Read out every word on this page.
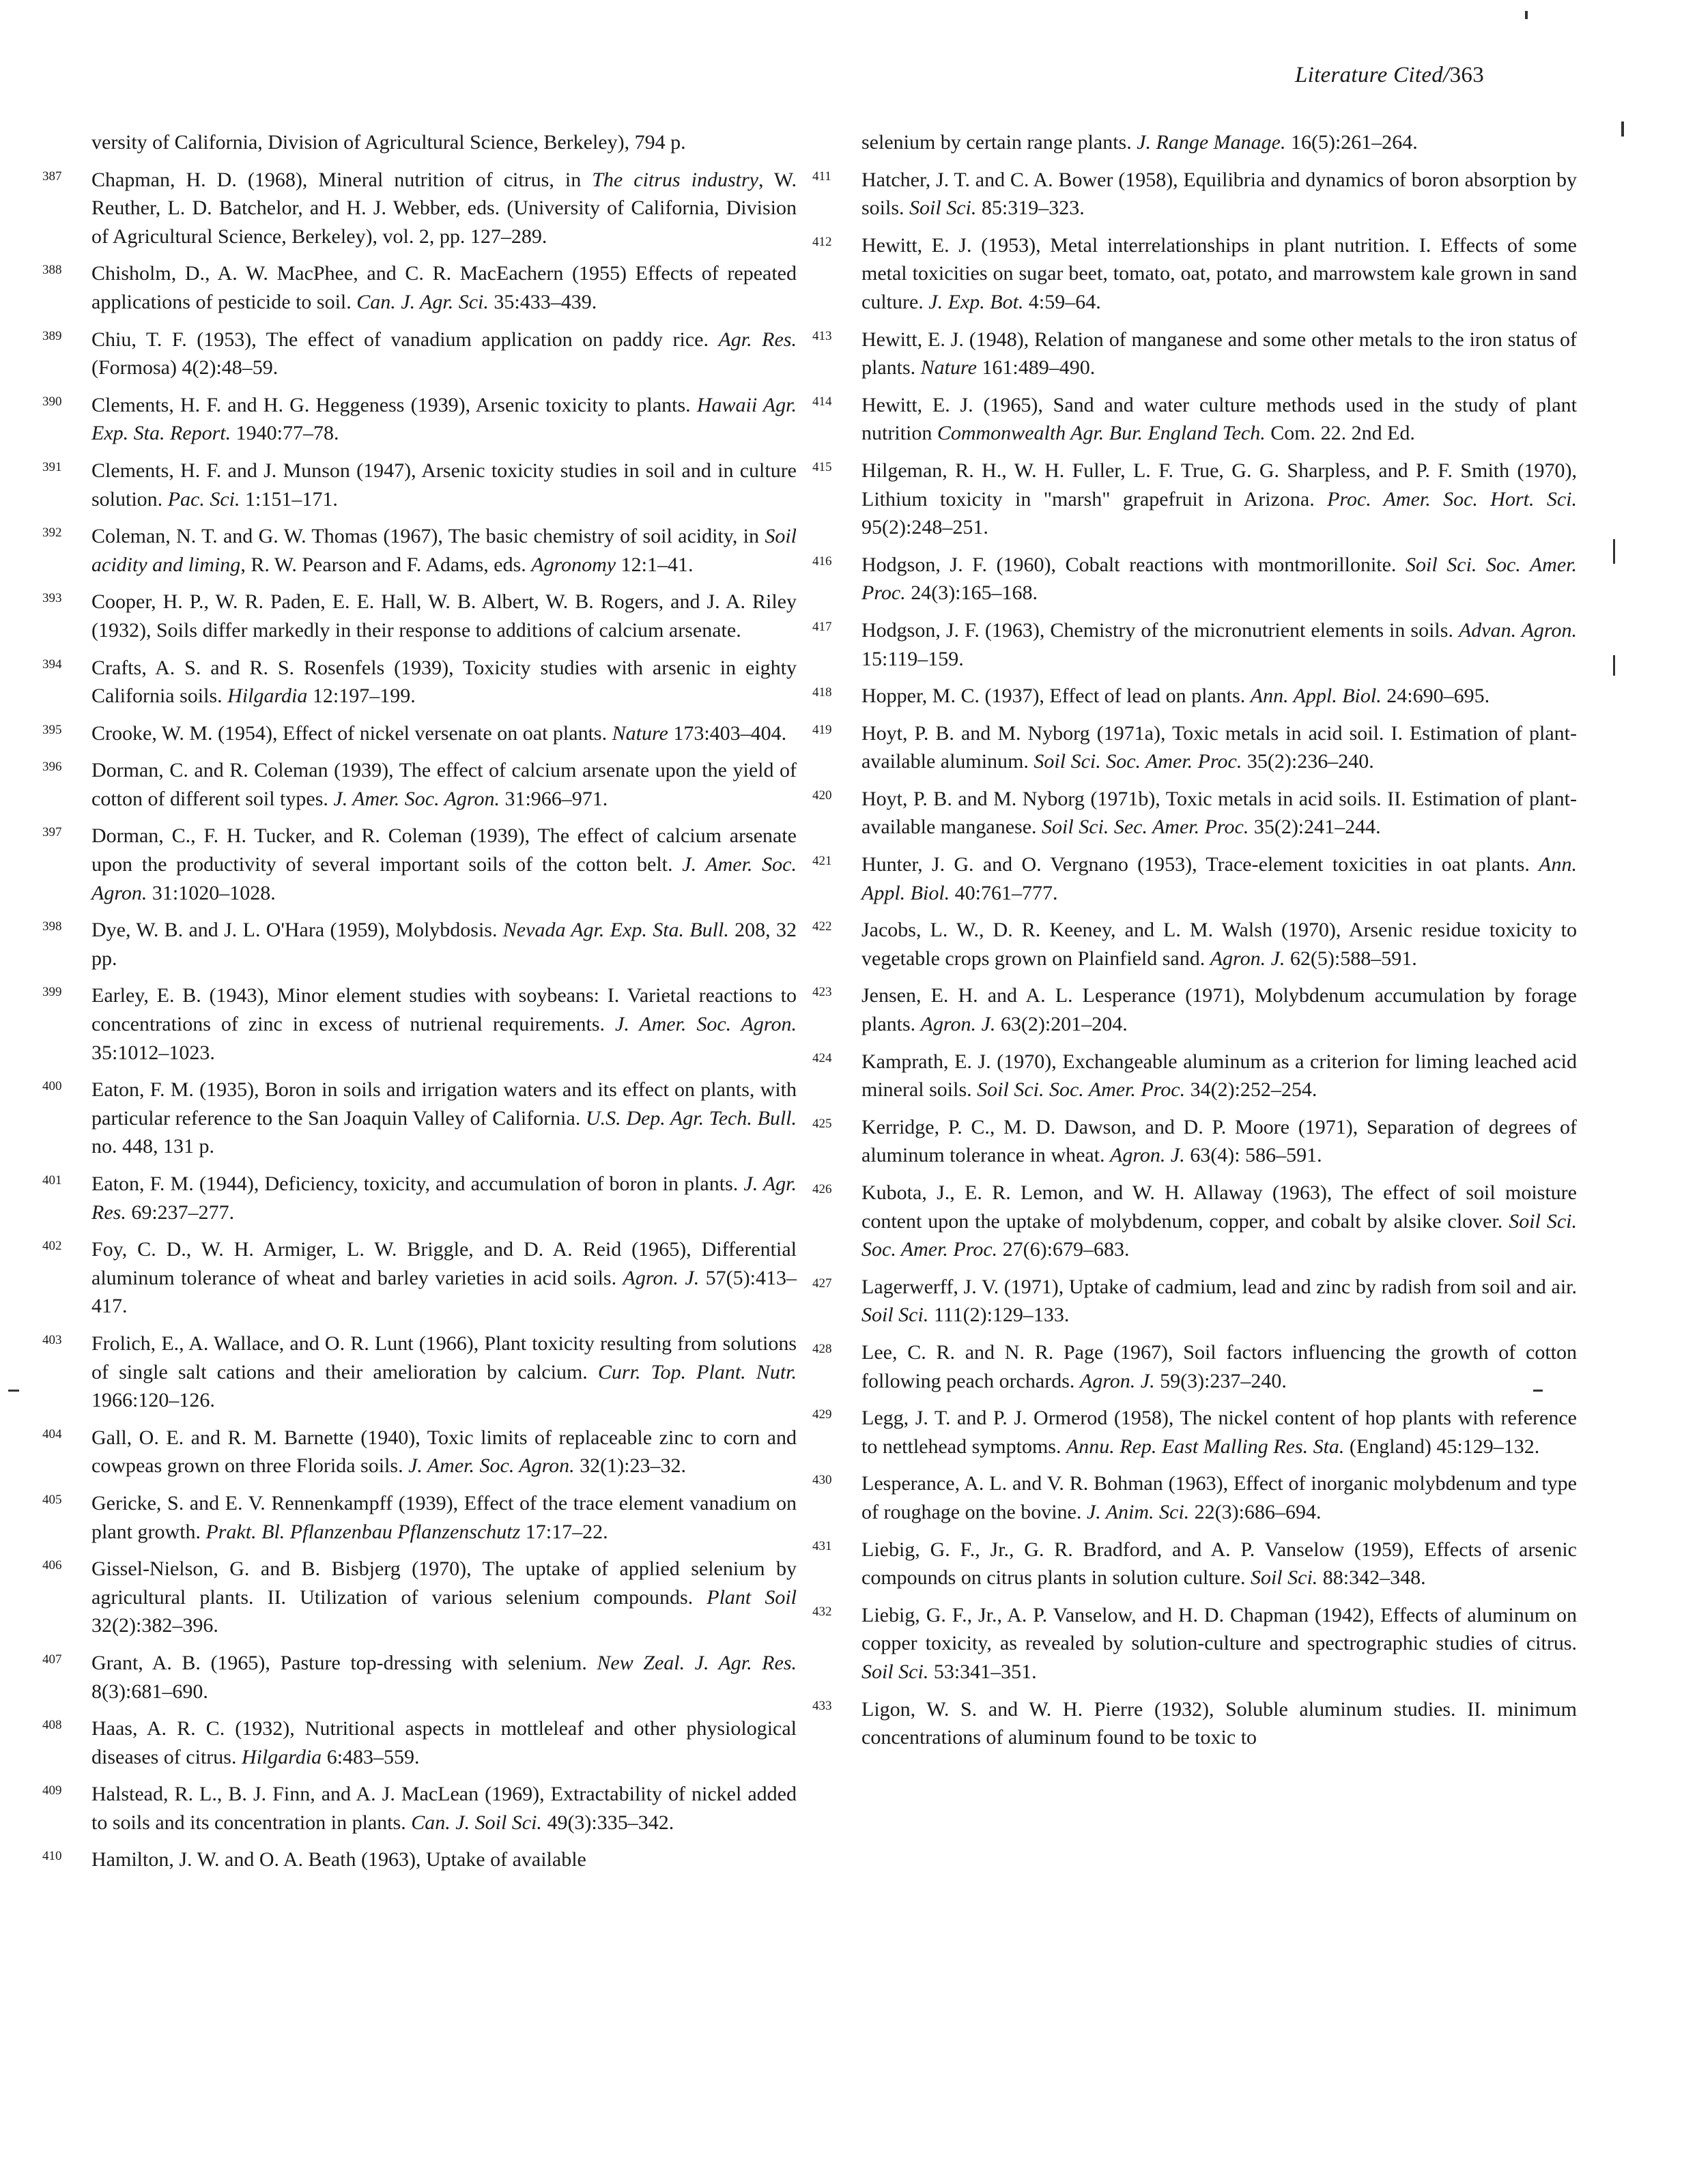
Literature Cited/363

versity of California, Division of Agricultural Science, Berkeley), 794 p.

387 Chapman, H. D. (1968), Mineral nutrition of citrus, in The citrus industry, W. Reuther, L. D. Batchelor, and H. J. Webber, eds. (University of California, Division of Agricultural Science, Berkeley), vol. 2, pp. 127–289.

388 Chisholm, D., A. W. MacPhee, and C. R. MacEachern (1955) Effects of repeated applications of pesticide to soil. Can. J. Agr. Sci. 35:433–439.

389 Chiu, T. F. (1953), The effect of vanadium application on paddy rice. Agr. Res. (Formosa) 4(2):48–59.

390 Clements, H. F. and H. G. Heggeness (1939), Arsenic toxicity to plants. Hawaii Agr. Exp. Sta. Report. 1940:77–78.

391 Clements, H. F. and J. Munson (1947), Arsenic toxicity studies in soil and in culture solution. Pac. Sci. 1:151–171.

392 Coleman, N. T. and G. W. Thomas (1967), The basic chemistry of soil acidity, in Soil acidity and liming, R. W. Pearson and F. Adams, eds. Agronomy 12:1–41.

393 Cooper, H. P., W. R. Paden, E. E. Hall, W. B. Albert, W. B. Rogers, and J. A. Riley (1932), Soils differ markedly in their response to additions of calcium arsenate.

394 Crafts, A. S. and R. S. Rosenfels (1939), Toxicity studies with arsenic in eighty California soils. Hilgardia 12:197–199.

395 Crooke, W. M. (1954), Effect of nickel versenate on oat plants. Nature 173:403–404.

396 Dorman, C. and R. Coleman (1939), The effect of calcium arsenate upon the yield of cotton of different soil types. J. Amer. Soc. Agron. 31:966–971.

397 Dorman, C., F. H. Tucker, and R. Coleman (1939), The effect of calcium arsenate upon the productivity of several important soils of the cotton belt. J. Amer. Soc. Agron. 31:1020–1028.

398 Dye, W. B. and J. L. O'Hara (1959), Molybdosis. Nevada Agr. Exp. Sta. Bull. 208, 32 pp.

399 Earley, E. B. (1943), Minor element studies with soybeans: I. Varietal reactions to concentrations of zinc in excess of nutrienal requirements. J. Amer. Soc. Agron. 35:1012–1023.

400 Eaton, F. M. (1935), Boron in soils and irrigation waters and its effect on plants, with particular reference to the San Joaquin Valley of California. U.S. Dep. Agr. Tech. Bull. no. 448, 131 p.

401 Eaton, F. M. (1944), Deficiency, toxicity, and accumulation of boron in plants. J. Agr. Res. 69:237–277.

402 Foy, C. D., W. H. Armiger, L. W. Briggle, and D. A. Reid (1965), Differential aluminum tolerance of wheat and barley varieties in acid soils. Agron. J. 57(5):413–417.

403 Frolich, E., A. Wallace, and O. R. Lunt (1966), Plant toxicity resulting from solutions of single salt cations and their amelioration by calcium. Curr. Top. Plant. Nutr. 1966:120–126.

404 Gall, O. E. and R. M. Barnette (1940), Toxic limits of replaceable zinc to corn and cowpeas grown on three Florida soils. J. Amer. Soc. Agron. 32(1):23–32.

405 Gericke, S. and E. V. Rennenkampff (1939), Effect of the trace element vanadium on plant growth. Prakt. Bl. Pflanzenbau Pflanzenschutz 17:17–22.

406 Gissel-Nielson, G. and B. Bisbjerg (1970), The uptake of applied selenium by agricultural plants. II. Utilization of various selenium compounds. Plant Soil 32(2):382–396.

407 Grant, A. B. (1965), Pasture top-dressing with selenium. New Zeal. J. Agr. Res. 8(3):681–690.

408 Haas, A. R. C. (1932), Nutritional aspects in mottleleaf and other physiological diseases of citrus. Hilgardia 6:483–559.

409 Halstead, R. L., B. J. Finn, and A. J. MacLean (1969), Extractability of nickel added to soils and its concentration in plants. Can. J. Soil Sci. 49(3):335–342.

410 Hamilton, J. W. and O. A. Beath (1963), Uptake of available

selenium by certain range plants. J. Range Manage. 16(5):261–264.

411 Hatcher, J. T. and C. A. Bower (1958), Equilibria and dynamics of boron absorption by soils. Soil Sci. 85:319–323.

412 Hewitt, E. J. (1953), Metal interrelationships in plant nutrition. I. Effects of some metal toxicities on sugar beet, tomato, oat, potato, and marrowstem kale grown in sand culture. J. Exp. Bot. 4:59–64.

413 Hewitt, E. J. (1948), Relation of manganese and some other metals to the iron status of plants. Nature 161:489–490.

414 Hewitt, E. J. (1965), Sand and water culture methods used in the study of plant nutrition Commonwealth Agr. Bur. England Tech. Com. 22. 2nd Ed.

415 Hilgeman, R. H., W. H. Fuller, L. F. True, G. G. Sharpless, and P. F. Smith (1970), Lithium toxicity in "marsh" grapefruit in Arizona. Proc. Amer. Soc. Hort. Sci. 95(2):248–251.

416 Hodgson, J. F. (1960), Cobalt reactions with montmorillonite. Soil Sci. Soc. Amer. Proc. 24(3):165–168.

417 Hodgson, J. F. (1963), Chemistry of the micronutrient elements in soils. Advan. Agron. 15:119–159.

418 Hopper, M. C. (1937), Effect of lead on plants. Ann. Appl. Biol. 24:690–695.

419 Hoyt, P. B. and M. Nyborg (1971a), Toxic metals in acid soil. I. Estimation of plant-available aluminum. Soil Sci. Soc. Amer. Proc. 35(2):236–240.

420 Hoyt, P. B. and M. Nyborg (1971b), Toxic metals in acid soils. II. Estimation of plant-available manganese. Soil Sci. Sec. Amer. Proc. 35(2):241–244.

421 Hunter, J. G. and O. Vergnano (1953), Trace-element toxicities in oat plants. Ann. Appl. Biol. 40:761–777.

422 Jacobs, L. W., D. R. Keeney, and L. M. Walsh (1970), Arsenic residue toxicity to vegetable crops grown on Plainfield sand. Agron. J. 62(5):588–591.

423 Jensen, E. H. and A. L. Lesperance (1971), Molybdenum accumulation by forage plants. Agron. J. 63(2):201–204.

424 Kamprath, E. J. (1970), Exchangeable aluminum as a criterion for liming leached acid mineral soils. Soil Sci. Soc. Amer. Proc. 34(2):252–254.

425 Kerridge, P. C., M. D. Dawson, and D. P. Moore (1971), Separation of degrees of aluminum tolerance in wheat. Agron. J. 63(4): 586–591.

426 Kubota, J., E. R. Lemon, and W. H. Allaway (1963), The effect of soil moisture content upon the uptake of molybdenum, copper, and cobalt by alsike clover. Soil Sci. Soc. Amer. Proc. 27(6):679–683.

427 Lagerwerff, J. V. (1971), Uptake of cadmium, lead and zinc by radish from soil and air. Soil Sci. 111(2):129–133.

428 Lee, C. R. and N. R. Page (1967), Soil factors influencing the growth of cotton following peach orchards. Agron. J. 59(3):237–240.

429 Legg, J. T. and P. J. Ormerod (1958), The nickel content of hop plants with reference to nettlehead symptoms. Annu. Rep. East Malling Res. Sta. (England) 45:129–132.

430 Lesperance, A. L. and V. R. Bohman (1963), Effect of inorganic molybdenum and type of roughage on the bovine. J. Anim. Sci. 22(3):686–694.

431 Liebig, G. F., Jr., G. R. Bradford, and A. P. Vanselow (1959), Effects of arsenic compounds on citrus plants in solution culture. Soil Sci. 88:342–348.

432 Liebig, G. F., Jr., A. P. Vanselow, and H. D. Chapman (1942), Effects of aluminum on copper toxicity, as revealed by solution-culture and spectrographic studies of citrus. Soil Sci. 53:341–351.

433 Ligon, W. S. and W. H. Pierre (1932), Soluble aluminum studies. II. minimum concentrations of aluminum found to be toxic to
